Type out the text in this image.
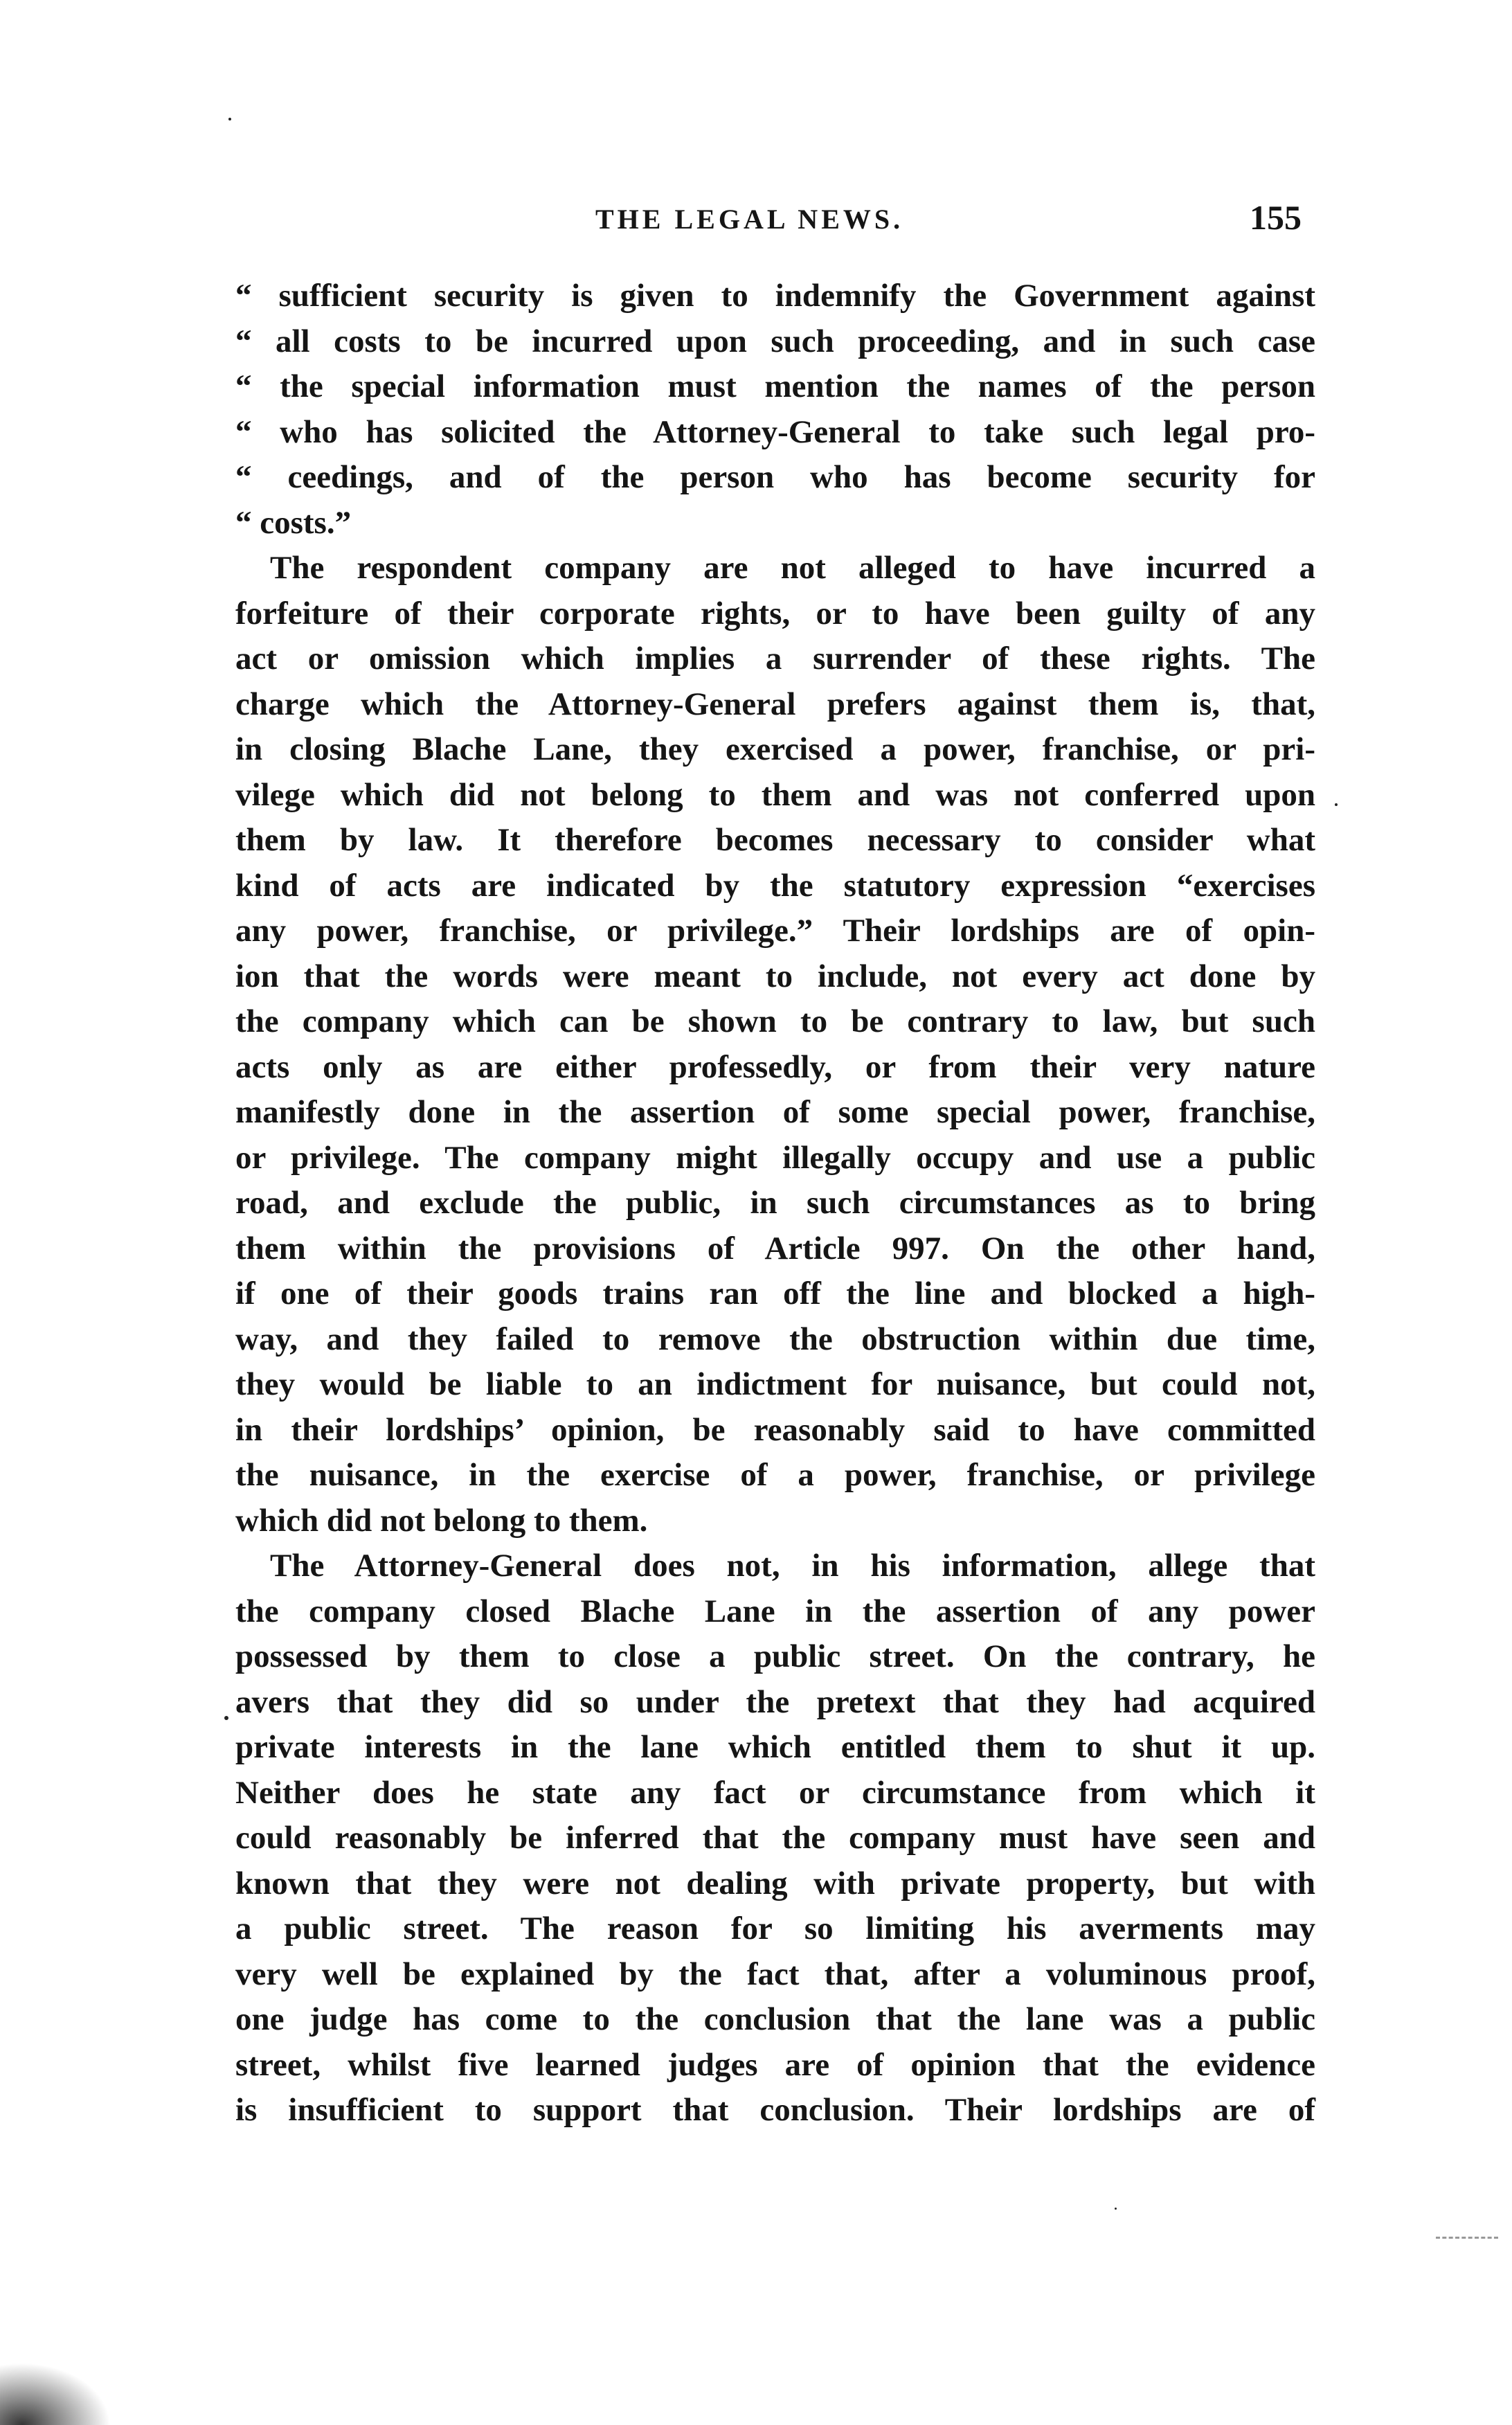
THE LEGAL NEWS.	155
“ sufficient security is given to indemnify the Government against
“ all costs to be incurred upon such proceeding, and in such case
“ the special information must mention the names of the person
“ who has solicited the Attorney-General to take such legal pro-
“ ceedings, and of the person who has become security for
“ costs.”
The respondent company are not alleged to have incurred a
forfeiture of their corporate rights, or to have been guilty of any
act or omission which implies a surrender of these rights. The
charge which the Attorney-General prefers against them is, that,
in closing Blache Lane, they exercised a power, franchise, or pri-
vilege which did not belong to them and was not conferred upon
them by law. It therefore becomes necessary to consider what
kind of acts are indicated by the statutory expression “exercises
any power, franchise, or privilege.” Their lordships are of opin-
ion that the words were meant to include, not every act done by
the company which can be shown to be contrary to law, but such
acts only as are either professedly, or from their very nature
manifestly done in the assertion of some special power, franchise,
or privilege. The company might illegally occupy and use a public
road, and exclude the public, in such circumstances as to bring
them within the provisions of Article 997. On the other hand,
if one of their goods trains ran off the line and blocked a high-
way, and they failed to remove the obstruction within due time,
they would be liable to an indictment for nuisance, but could not,
in their lordships’ opinion, be reasonably said to have committed
the nuisance, in the exercise of a power, franchise, or privilege
which did not belong to them.
The Attorney-General does not, in his information, allege that
the company closed Blache Lane in the assertion of any power
possessed by them to close a public street. On the contrary, he
avers that they did so under the pretext that they had acquired
private interests in the lane which entitled them to shut it up.
Neither does he state any fact or circumstance from which it
could reasonably be inferred that the company must have seen and
known that they were not dealing with private property, but with
a public street. The reason for so limiting his averments may
very well be explained by the fact that, after a voluminous proof,
one judge has come to the conclusion that the lane was a public
street, whilst five learned judges are of opinion that the evidence
is insufficient to support that conclusion. Their lordships are of
